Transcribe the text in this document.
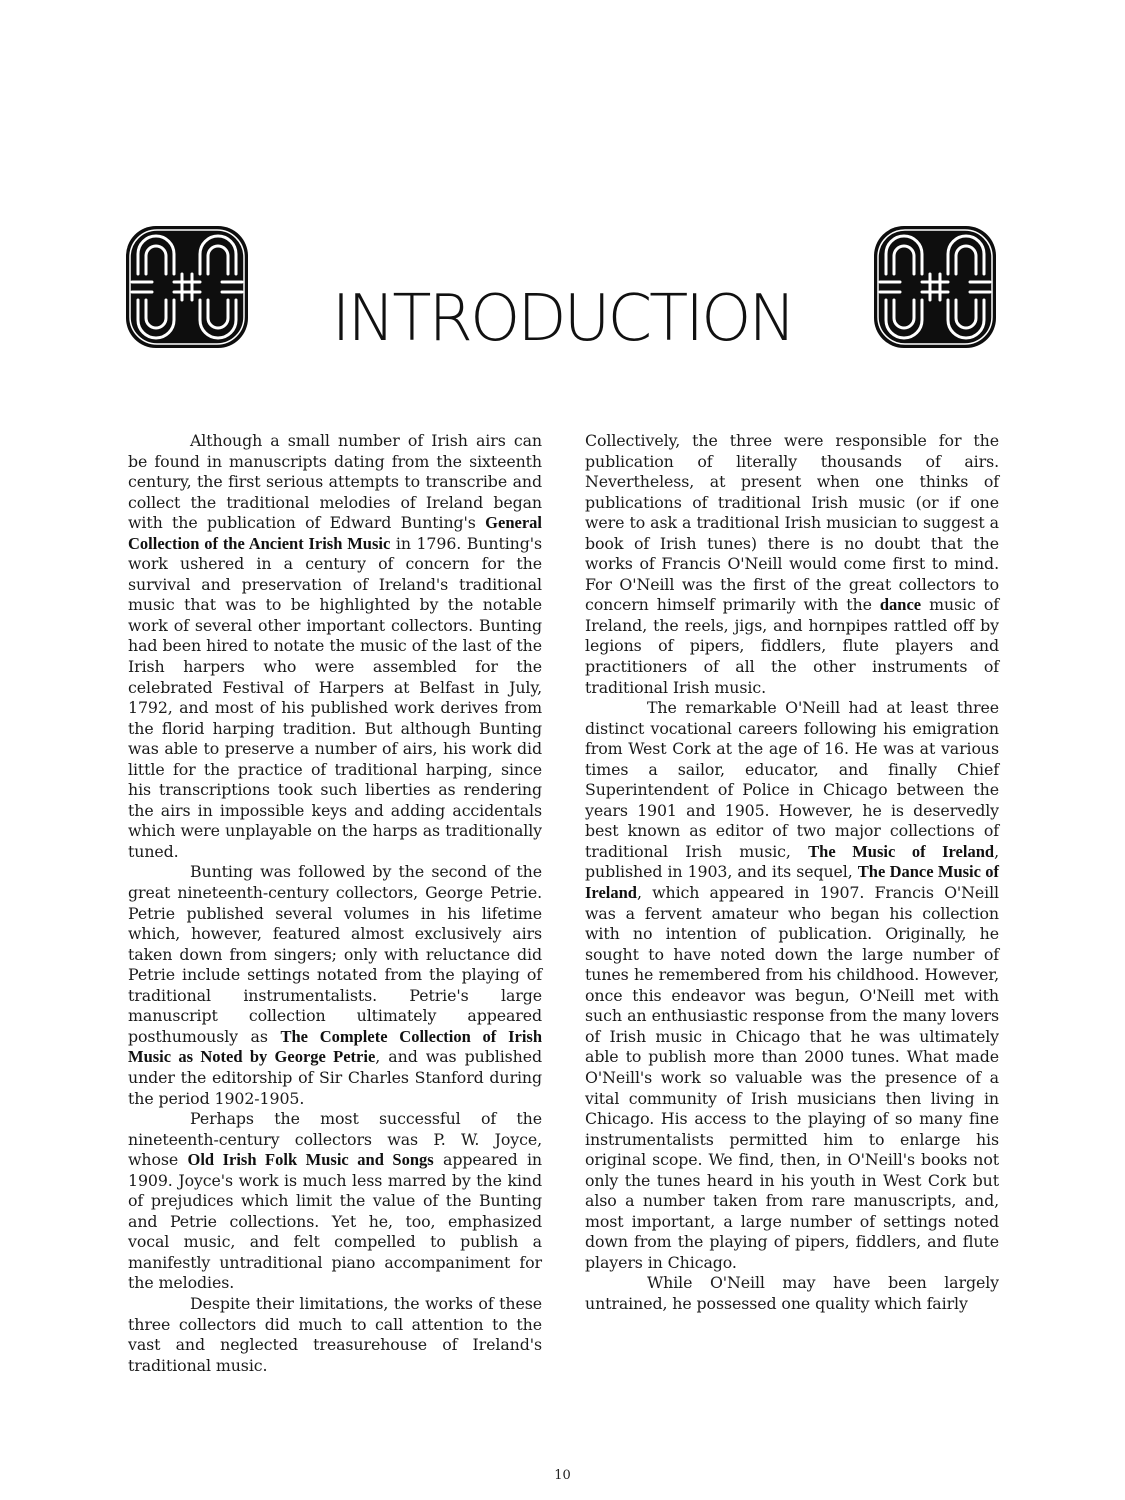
INTRODUCTION

Although a small number of Irish airs can be found in manuscripts dating from the sixteenth century, the first serious attempts to transcribe and collect the traditional melodies of Ireland began with the publication of Edward Bunting's General Collection of the Ancient Irish Music in 1796. Bunting's work ushered in a century of concern for the survival and preservation of Ireland's traditional music that was to be highlighted by the notable work of several other important collectors. Bunting had been hired to notate the music of the last of the Irish harpers who were assembled for the celebrated Festival of Harpers at Belfast in July, 1792, and most of his published work derives from the florid harping tradition. But although Bunting was able to preserve a number of airs, his work did little for the practice of traditional harping, since his transcriptions took such liberties as rendering the airs in impossible keys and adding accidentals which were unplayable on the harps as traditionally tuned.

Bunting was followed by the second of the great nineteenth-century collectors, George Petrie. Petrie published several volumes in his lifetime which, however, featured almost exclusively airs taken down from singers; only with reluctance did Petrie include settings notated from the playing of traditional instrumentalists. Petrie's large manuscript collection ultimately appeared posthumously as The Complete Collection of Irish Music as Noted by George Petrie, and was published under the editorship of Sir Charles Stanford during the period 1902-1905.

Perhaps the most successful of the nineteenth-century collectors was P. W. Joyce, whose Old Irish Folk Music and Songs appeared in 1909. Joyce's work is much less marred by the kind of prejudices which limit the value of the Bunting and Petrie collections. Yet he, too, emphasized vocal music, and felt compelled to publish a manifestly untraditional piano accompaniment for the melodies.

Despite their limitations, the works of these three collectors did much to call attention to the vast and neglected treasurehouse of Ireland's traditional music.

Collectively, the three were responsible for the publication of literally thousands of airs. Nevertheless, at present when one thinks of publications of traditional Irish music (or if one were to ask a traditional Irish musician to suggest a book of Irish tunes) there is no doubt that the works of Francis O'Neill would come first to mind. For O'Neill was the first of the great collectors to concern himself primarily with the dance music of Ireland, the reels, jigs, and hornpipes rattled off by legions of pipers, fiddlers, flute players and practitioners of all the other instruments of traditional Irish music.

The remarkable O'Neill had at least three distinct vocational careers following his emigration from West Cork at the age of 16. He was at various times a sailor, educator, and finally Chief Superintendent of Police in Chicago between the years 1901 and 1905. However, he is deservedly best known as editor of two major collections of traditional Irish music, The Music of Ireland, published in 1903, and its sequel, The Dance Music of Ireland, which appeared in 1907. Francis O'Neill was a fervent amateur who began his collection with no intention of publication. Originally, he sought to have noted down the large number of tunes he remembered from his childhood. However, once this endeavor was begun, O'Neill met with such an enthusiastic response from the many lovers of Irish music in Chicago that he was ultimately able to publish more than 2000 tunes. What made O'Neill's work so valuable was the presence of a vital community of Irish musicians then living in Chicago. His access to the playing of so many fine instrumentalists permitted him to enlarge his original scope. We find, then, in O'Neill's books not only the tunes heard in his youth in West Cork but also a number taken from rare manuscripts, and, most important, a large number of settings noted down from the playing of pipers, fiddlers, and flute players in Chicago.

While O'Neill may have been largely untrained, he possessed one quality which fairly

10
